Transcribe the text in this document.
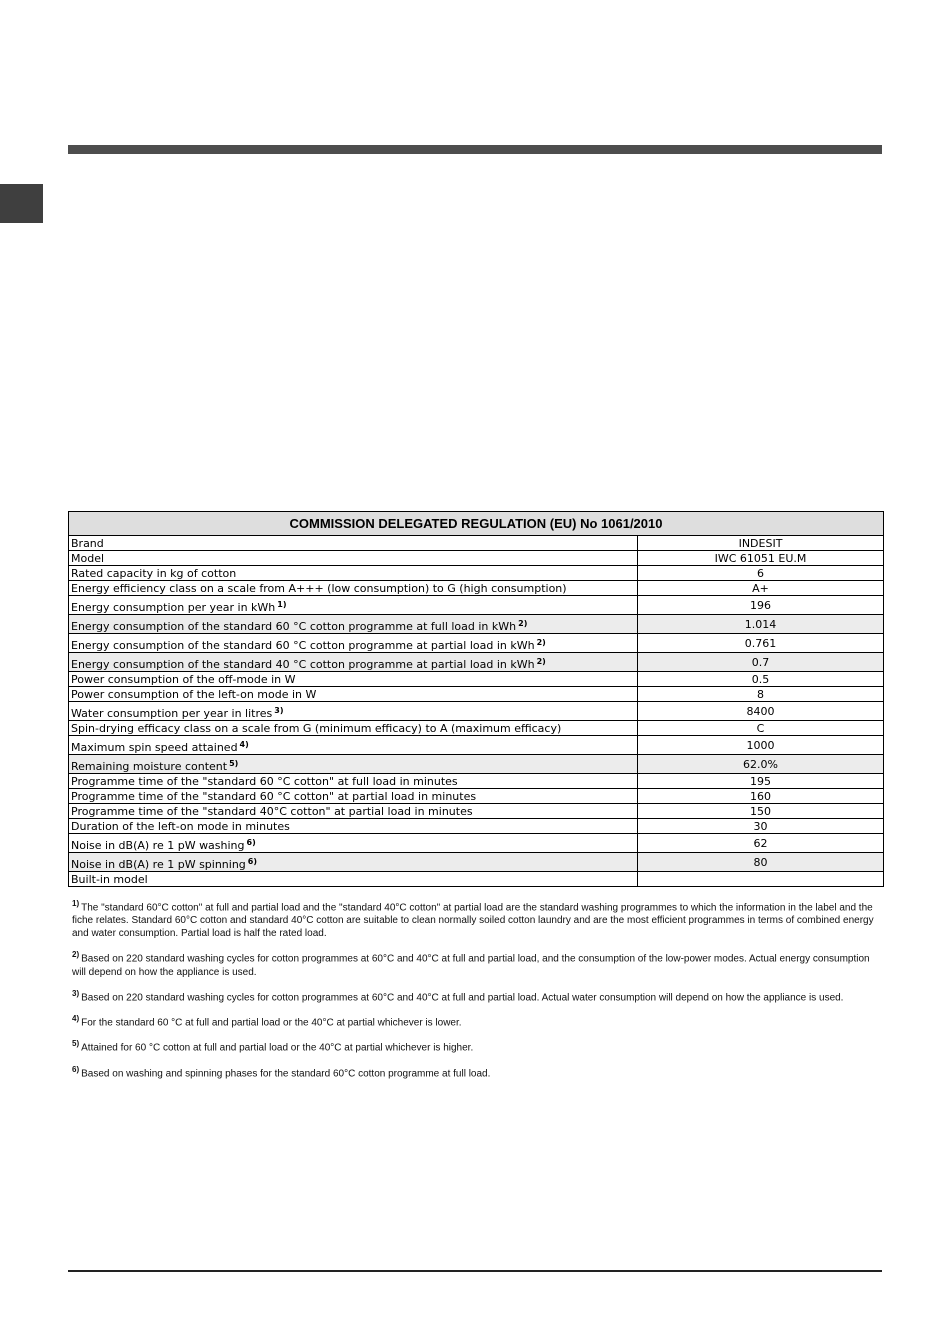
COMMISSION DELEGATED REGULATION (EU) No 1061/2010	
Brand	INDESIT
Model	IWC 61051 EU.M
Rated capacity in kg of cotton	6
Energy efficiency class on a scale from A+++ (low consumption) to G (high consumption)	A+
Energy consumption per year in kWh $^{1)}$	196
Energy consumption of the standard 60 °C cotton programme at full load in kWh $^{2)}$	1.014
Energy consumption of the standard 60 °C cotton programme at partial load in kWh $^{2)}$	0.761
Energy consumption of the standard 40 °C cotton programme at partial load in kWh $^{2)}$	0.7
Power consumption of the off-mode in W	0.5
Power consumption of the left-on mode in W	8
Water consumption per year in litres $^{3)}$	8400
Spin-drying efficacy class on a scale from G (minimum efficacy) to A (maximum efficacy)	C
Maximum spin speed attained $^{4)}$	1000
Remaining moisture content $^{5)}$	62.0%
Programme time of the "standard 60 °C cotton" at full load in minutes	195
Programme time of the "standard 60 °C cotton" at partial load in minutes	160
Programme time of the "standard 40°C cotton" at partial load in minutes	150
Duration of the left-on mode in minutes	30
Noise in dB(A) re 1 pW washing $^{6)}$	62
Noise in dB(A) re 1 pW spinning $^{6)}$	80
Built-in model	

$^{1)}$ The "standard 60°C cotton" at full and partial load and the "standard 40°C cotton" at partial load are the standard washing programmes to which the information in the label and the fiche relates. Standard 60°C cotton and standard 40°C cotton are suitable to clean normally soiled cotton laundry and are the most efficient programmes in terms of combined energy and water consumption. Partial load is half the rated load.

$^{2)}$ Based on 220 standard washing cycles for cotton programmes at 60°C and 40°C at full and partial load, and the consumption of the low-power modes. Actual energy consumption will depend on how the appliance is used.

$^{3)}$ Based on 220 standard washing cycles for cotton programmes at 60°C and 40°C at full and partial load. Actual water consumption will depend on how the appliance is used.

$^{4)}$ For the standard 60 °C at full and partial load or the 40°C at partial whichever is lower.

$^{5)}$ Attained for 60 °C cotton at full and partial load or the 40°C at partial whichever is higher.

$^{6)}$ Based on washing and spinning phases for the standard 60°C cotton programme at full load.
